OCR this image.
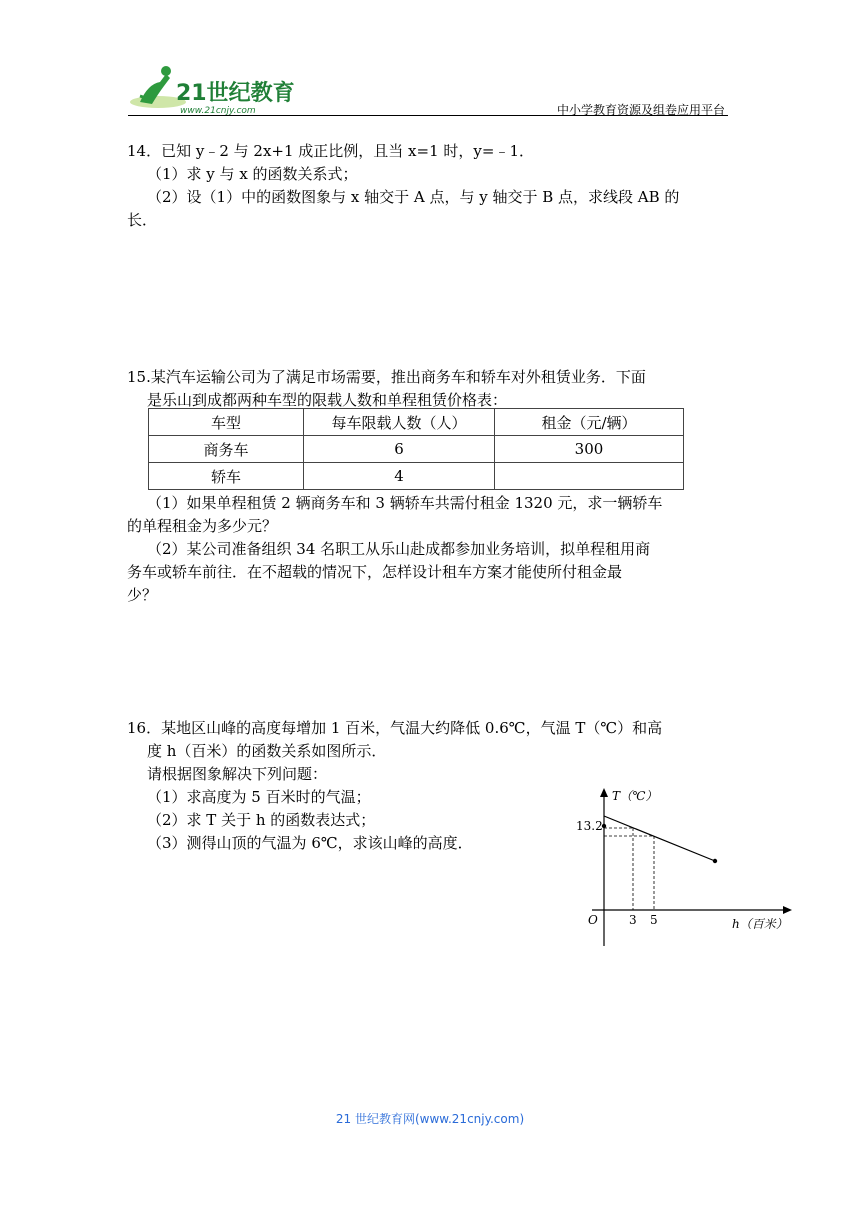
21世纪教育
www.21cnjy.com	中小学教育资源及组卷应用平台
14．已知 y﹣2 与 2x+1 成正比例，且当 x=1 时，y=﹣1．
（1）求 y 与 x 的函数关系式；
（2）设（1）中的函数图象与 x 轴交于 A 点，与 y 轴交于 B 点，求线段 AB 的
长．
15.某汽车运输公司为了满足市场需要，推出商务车和轿车对外租赁业务．下面
是乐山到成都两种车型的限载人数和单程租赁价格表：
车型	每车限载人数（人）	租金（元/辆）
商务车	6	300
轿车	4	
（1）如果单程租赁 2 辆商务车和 3 辆轿车共需付租金 1320 元，求一辆轿车
的单程租金为多少元？
（2）某公司准备组织 34 名职工从乐山赴成都参加业务培训，拟单程租用商
务车或轿车前往．在不超载的情况下，怎样设计租车方案才能使所付租金最
少？
16．某地区山峰的高度每增加 1 百米，气温大约降低 0.6℃，气温 T（℃）和高
度 h（百米）的函数关系如图所示．
请根据图象解决下列问题：
（1）求高度为 5 百米时的气温；
（2）求 T 关于 h 的函数表达式；
（3）测得山顶的气温为 6℃，求该山峰的高度．
T（℃）
13.2
O	3 5	h（百米）
21 世纪教育网(www.21cnjy.com)
